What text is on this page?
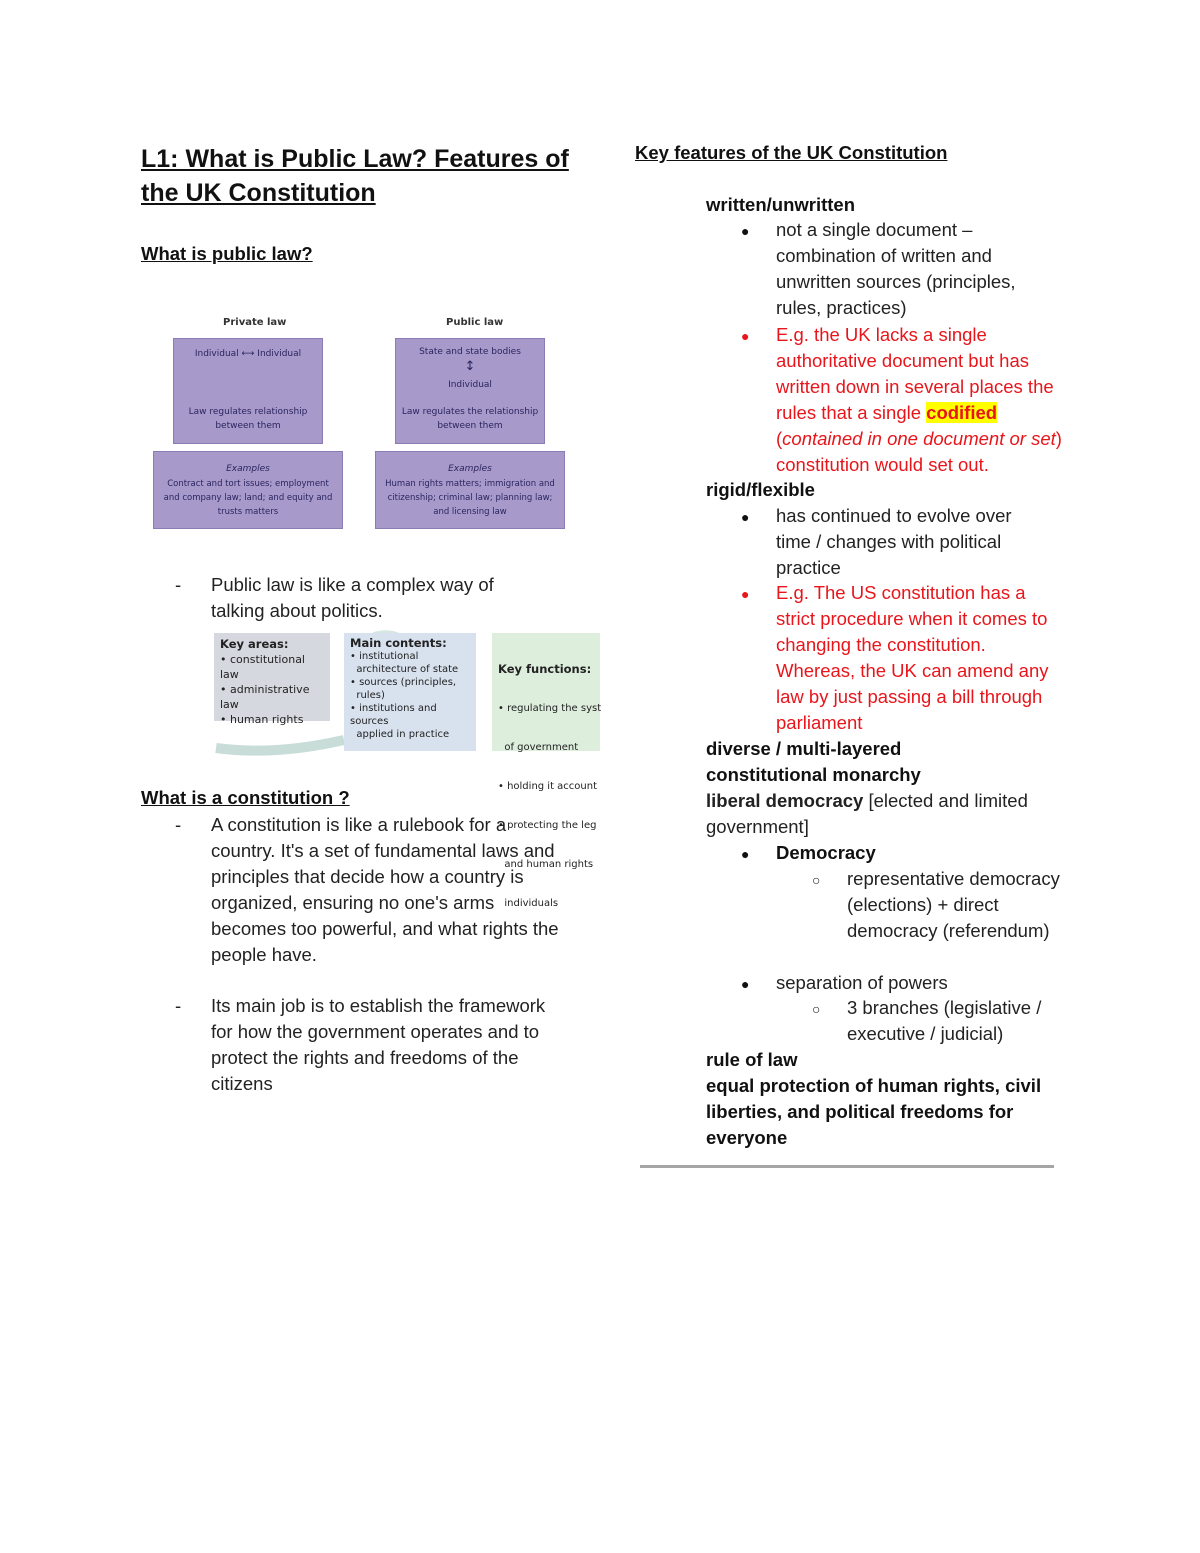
L1: What is Public Law? Features of the UK Constitution
What is public law?
Private law	Public law
Individual ⟷ Individual
Law regulates relationship
between them
State and state bodies
↕
Individual
Law regulates the relationship
between them
Examples
Contract and tort issues; employment
and company law; land; and equity and
trusts matters
Examples
Human rights matters; immigration and
citizenship; criminal law; planning law;
and licensing law
- Public law is like a complex way of talking about politics.
Key areas:
• constitutional law
• administrative law
• human rights
Main contents:
• institutional
architecture of state
• sources (principles,
rules)
• institutions and sources
applied in practice

Key functions:

• regulating the syst

of government

• holding it account

• protecting the leg

and human rights

individuals

What is a constitution ?
- A constitution is like a rulebook for a country. It's a set of fundamental laws and principles that decide how a country is organized, ensuring no one's arms becomes too powerful, and what rights the people have.
- Its main job is to establish the framework for how the government operates and to protect the rights and freedoms of the citizens
Key features of the UK Constitution
written/unwritten
● not a single document – combination of written and unwritten sources (principles, rules, practices)
● E.g. the UK lacks a single authoritative document but has written down in several places the rules that a single codified (contained in one document or set) constitution would set out.
rigid/flexible
● has continued to evolve over time / changes with political practice
● E.g. The US constitution has a strict procedure when it comes to changing the constitution. Whereas, the UK can amend any law by just passing a bill through parliament
diverse / multi-layered
constitutional monarchy
liberal democracy [elected and limited government]
● Democracy
○ representative democracy (elections) + direct democracy (referendum)
● separation of powers
○ 3 branches (legislative / executive / judicial)
rule of law
equal protection of human rights, civil liberties, and political freedoms for everyone
